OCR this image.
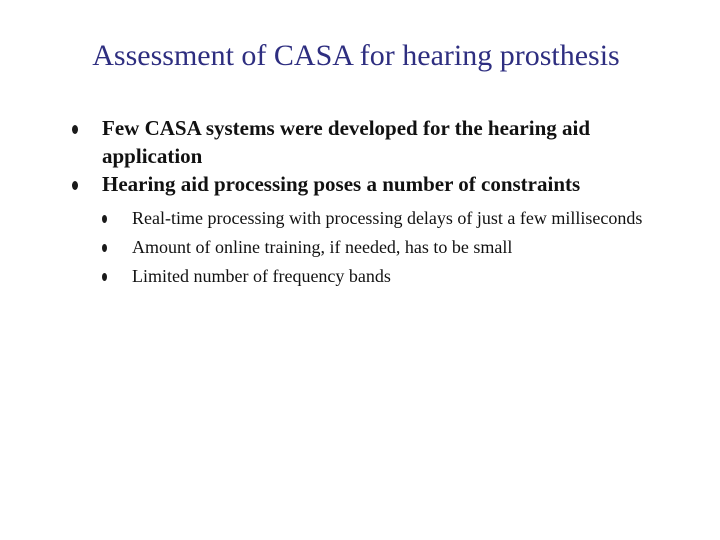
Assessment of CASA for hearing prosthesis
Few CASA systems were developed for the hearing aid application
Hearing aid processing poses a number of constraints
Real-time processing with processing delays of just a few milliseconds
Amount of online training, if needed, has to be small
Limited number of frequency bands
